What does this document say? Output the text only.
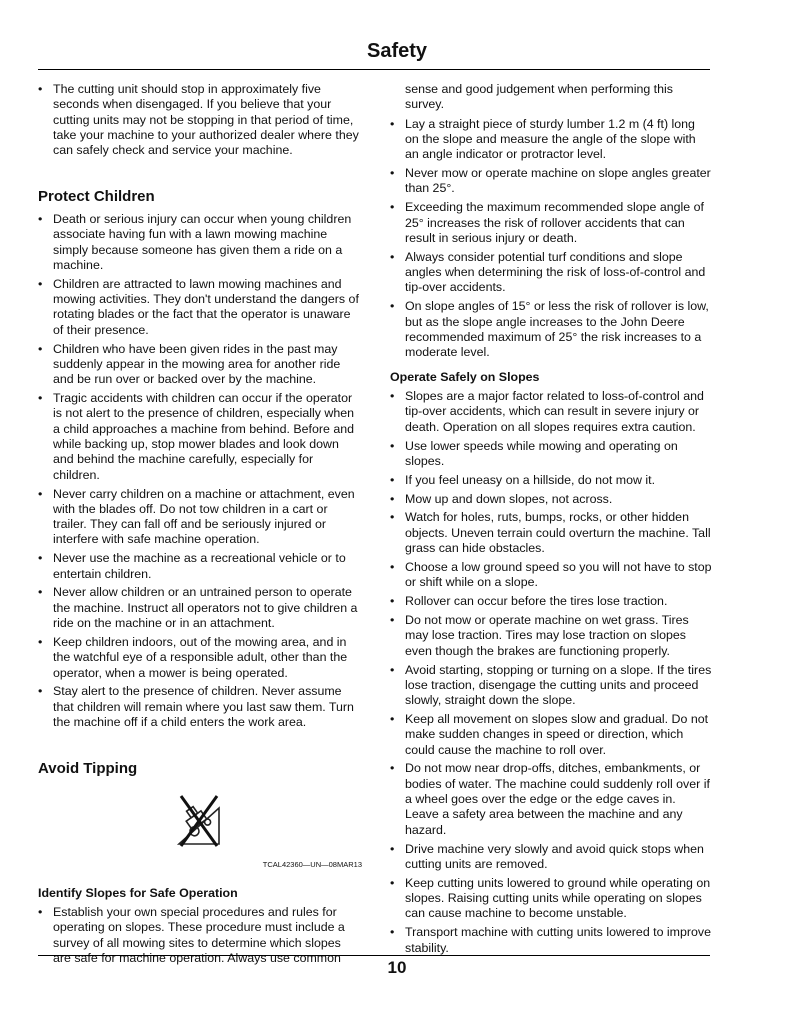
Safety
• The cutting unit should stop in approximately five seconds when disengaged. If you believe that your cutting units may not be stopping in that period of time, take your machine to your authorized dealer where they can safely check and service your machine.
Protect Children
• Death or serious injury can occur when young children associate having fun with a lawn mowing machine simply because someone has given them a ride on a machine.
• Children are attracted to lawn mowing machines and mowing activities. They don't understand the dangers of rotating blades or the fact that the operator is unaware of their presence.
• Children who have been given rides in the past may suddenly appear in the mowing area for another ride and be run over or backed over by the machine.
• Tragic accidents with children can occur if the operator is not alert to the presence of children, especially when a child approaches a machine from behind. Before and while backing up, stop mower blades and look down and behind the machine carefully, especially for children.
• Never carry children on a machine or attachment, even with the blades off. Do not tow children in a cart or trailer. They can fall off and be seriously injured or interfere with safe machine operation.
• Never use the machine as a recreational vehicle or to entertain children.
• Never allow children or an untrained person to operate the machine. Instruct all operators not to give children a ride on the machine or in an attachment.
• Keep children indoors, out of the mowing area, and in the watchful eye of a responsible adult, other than the operator, when a mower is being operated.
• Stay alert to the presence of children. Never assume that children will remain where you last saw them. Turn the machine off if a child enters the work area.
Avoid Tipping
TCAL42360—UN—08MAR13
Identify Slopes for Safe Operation
• Establish your own special procedures and rules for operating on slopes. These procedure must include a survey of all mowing sites to determine which slopes are safe for machine operation. Always use common
sense and good judgement when performing this survey.
• Lay a straight piece of sturdy lumber 1.2 m (4 ft) long on the slope and measure the angle of the slope with an angle indicator or protractor level.
• Never mow or operate machine on slope angles greater than 25°.
• Exceeding the maximum recommended slope angle of 25° increases the risk of rollover accidents that can result in serious injury or death.
• Always consider potential turf conditions and slope angles when determining the risk of loss-of-control and tip-over accidents.
• On slope angles of 15° or less the risk of rollover is low, but as the slope angle increases to the John Deere recommended maximum of 25° the risk increases to a moderate level.
Operate Safely on Slopes
• Slopes are a major factor related to loss-of-control and tip-over accidents, which can result in severe injury or death. Operation on all slopes requires extra caution.
• Use lower speeds while mowing and operating on slopes.
• If you feel uneasy on a hillside, do not mow it.
• Mow up and down slopes, not across.
• Watch for holes, ruts, bumps, rocks, or other hidden objects. Uneven terrain could overturn the machine. Tall grass can hide obstacles.
• Choose a low ground speed so you will not have to stop or shift while on a slope.
• Rollover can occur before the tires lose traction.
• Do not mow or operate machine on wet grass. Tires may lose traction. Tires may lose traction on slopes even though the brakes are functioning properly.
• Avoid starting, stopping or turning on a slope. If the tires lose traction, disengage the cutting units and proceed slowly, straight down the slope.
• Keep all movement on slopes slow and gradual. Do not make sudden changes in speed or direction, which could cause the machine to roll over.
• Do not mow near drop-offs, ditches, embankments, or bodies of water. The machine could suddenly roll over if a wheel goes over the edge or the edge caves in. Leave a safety area between the machine and any hazard.
• Drive machine very slowly and avoid quick stops when cutting units are removed.
• Keep cutting units lowered to ground while operating on slopes. Raising cutting units while operating on slopes can cause machine to become unstable.
• Transport machine with cutting units lowered to improve stability.
10
